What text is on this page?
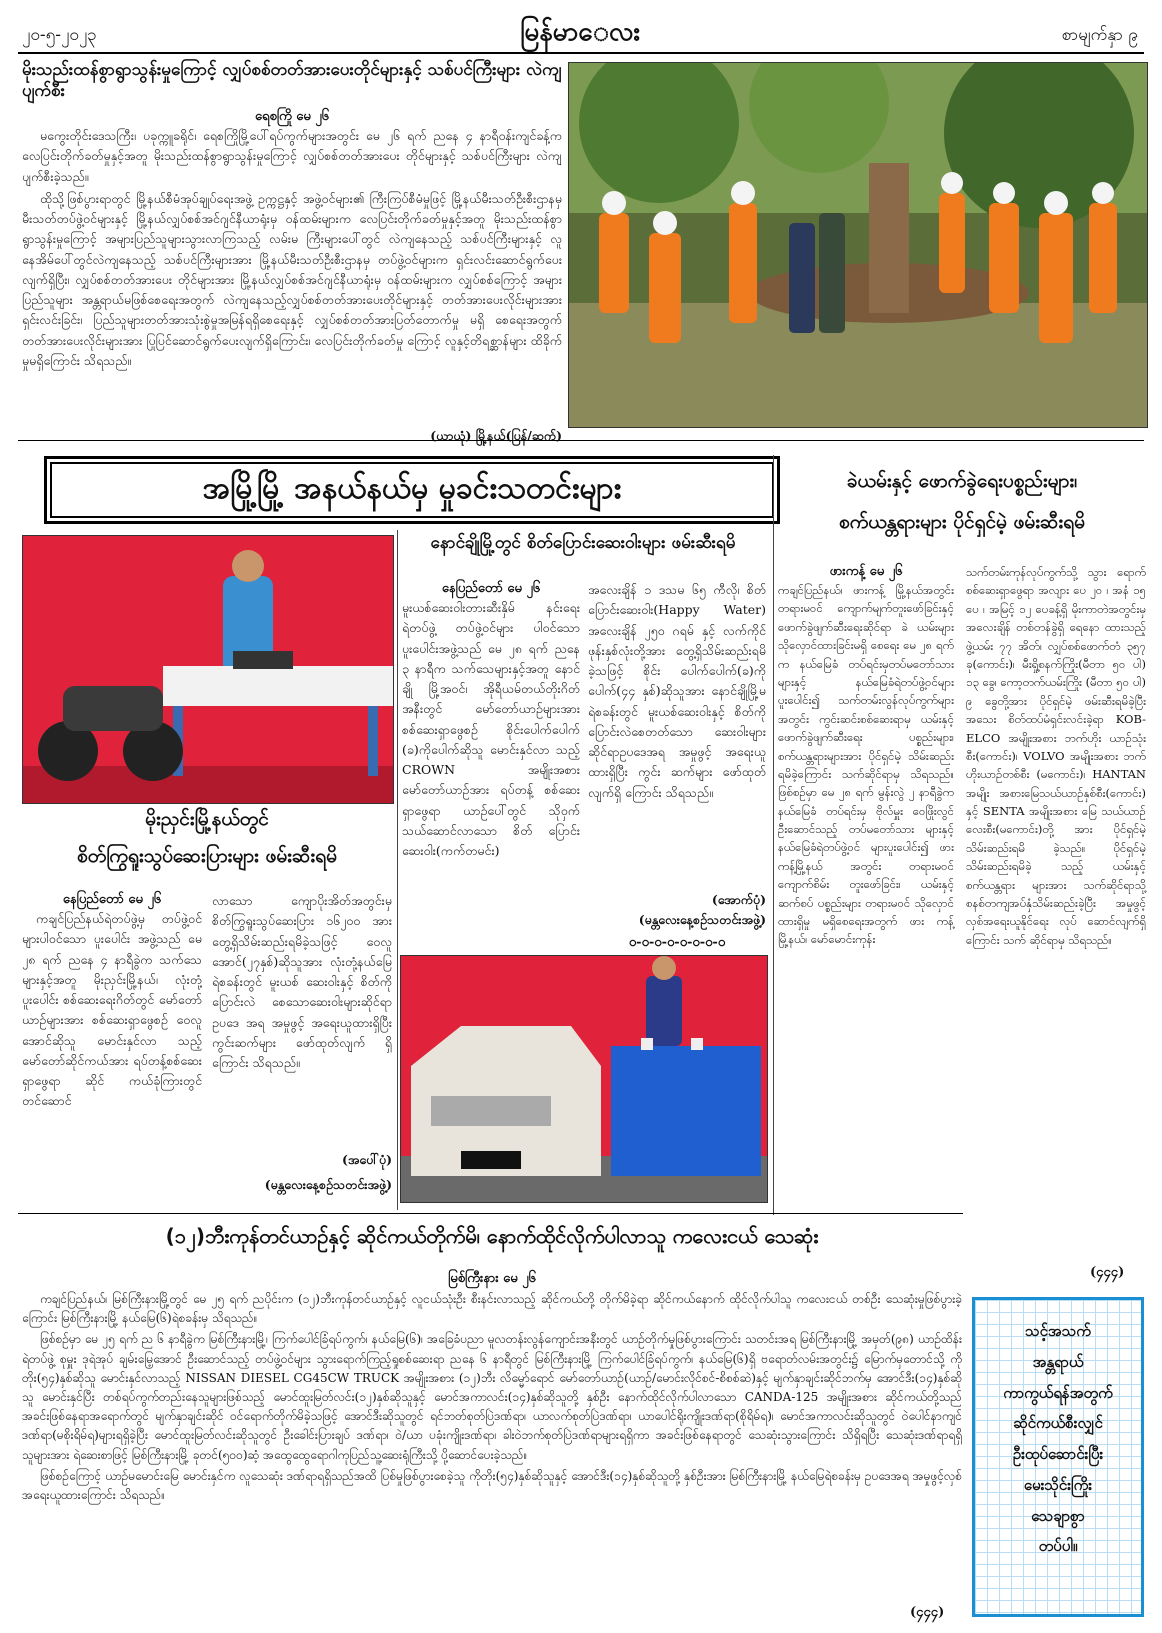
၂၀-၅-၂၀၂၃	မြန်မာ‌‌ေလး	စာမျက်နှာ ၉
မိုးသည်းထန်စွာရွာသွန်းမှုကြောင့် လျှပ်စစ်တတ်အားပေးတိုင်များနှင့် သစ်ပင်ကြီးများ လဲကျပျက်စီး
ရေစကြို မေ ၂၆

မကွေးတိုင်းဒေသကြီး၊ ပခုက္ကူခရိုင်၊ ရေစကြိုမြို့ပေါ်ရပ်ကွက်များအတွင်း မေ ၂၆ ရက် ညနေ ၄ နာရီဝန်းကျင်ခန့်က လေပြင်းတိုက်ခတ်မှုနှင့်အတူ မိုးသည်းထန်စွာရွာသွန်းမှုကြောင့် လျှပ်စစ်တတ်အားပေး တိုင်များနှင့် သစ်ပင်ကြီးများ လဲကျပျက်စီးခဲ့သည်။

ထိုသို့ဖြစ်ပွားရာတွင် မြို့နယ်စီမံအုပ်ချုပ်ရေးအဖွဲ့ ဥက္ကဋ္ဌနှင့် အဖွဲ့ဝင်များ၏ ကြီးကြပ်စီမံမှုဖြင့် မြို့နယ်မီးသတ်ဦးစီးဌာနမှ မီးသတ်တပ်ဖွဲ့ဝင်များနှင့် မြို့နယ်လျှပ်စစ်အင်ဂျင်နီယာရုံးမှ ဝန်ထမ်းများက လေပြင်းတိုက်ခတ်မှုနှင့်အတူ မိုးသည်းထန်စွာရွာသွန်းမှုကြောင့် အများပြည်သူများသွားလာကြသည့် လမ်းမ ကြီးများပေါ်တွင် လဲကျနေသည့် သစ်ပင်ကြီးများနှင့် လူနေအိမ်ပေါ်တွင်လဲကျနေသည့် သစ်ပင်ကြီးများအား မြို့နယ်မီးသတ်ဦးစီးဌာနမှ တပ်ဖွဲ့ဝင်များက ရှင်းလင်းဆောင်ရွက်ပေးလျက်ရှိပြီး၊ လျှပ်စစ်တတ်အားပေး တိုင်များအား မြို့နယ်လျှပ်စစ်အင်ဂျင်နီယာရုံးမှ ဝန်ထမ်းများက လျှပ်စစ်ကြောင့် အများပြည်သူများ အန္တရာယ်မဖြစ်စေရေးအတွက် လဲကျနေသည့်လျှပ်စစ်တတ်အားပေးတိုင်များနှင့် တတ်အားပေးလိုင်းများအား ရှင်းလင်းခြင်း၊ ပြည်သူများတတ်အားသုံးစွဲမှုအမြန်ရရှိစေရေးနှင့် လျှပ်စစ်တတ်အားပြတ်တောက်မှု မရှိ စေရေးအတွက် တတ်အားပေးလိုင်းများအား ပြုပြင်ဆောင်ရွက်ပေးလျက်ရှိကြောင်း၊ လေပြင်းတိုက်ခတ်မှု ကြောင့် လူနှင့်တိရစ္ဆာန်များ ထိခိုက်မှုမရှိကြောင်း သိရသည်။

(ယာယုံ) မြို့နယ်(ပြန်/ဆက်)
အမြို့မြို့ အနယ်နယ်မှ မှုခင်းသတင်းများ
မိုးညှင်းမြို့နယ်တွင်
စိတ်ကြွရူးသွပ်ဆေးပြားများ ဖမ်းဆီးရမိ
နေပြည်တော် မေ ၂၆
ကချင်ပြည်နယ်ရဲတပ်ဖွဲ့မှ တပ်ဖွဲ့ဝင်များပါဝင်သော ပူးပေါင်း အဖွဲ့သည် မေ ၂၈ ရက် ညနေ ၄ နာရီခွဲက သက်သေများနှင့်အတူ မိုးညှင်းမြို့နယ်၊ လုံးတုံ့ပူးပေါင်း စစ်ဆေးရေးဂိတ်တွင် မော်တော် ယာဉ်များအား စစ်ဆေးရှာဖွေစဉ် ဝေလူအောင်ဆိုသူ မောင်းနှင်လာ သည့် မော်တော်ဆိုင်ကယ်အား ရပ်တန့်စစ်ဆေးရှာဖွေရာ ဆိုင် ကယ်ခုံကြားတွင် တင်ဆောင်
လာသော ကျောပိုးအိတ်အတွင်းမှ စိတ်ကြွရူးသွပ်ဆေးပြား ၁၆၂၀၀ အား တွေ့ရှိသိမ်းဆည်းရမိခဲ့သဖြင့် ဝေလူအောင်(၂၇နှစ်)ဆိုသူအား လုံးတုံ့နယ်မြေရဲစခန်းတွင် မူးယစ် ဆေးဝါးနှင့် စိတ်ကိုပြောင်းလဲ စေသောဆေးဝါးများဆိုင်ရာဥပဒေ အရ အမှုဖွင့် အရေးယူထားရှိပြီး ကွင်းဆက်များ ဖော်ထုတ်လျက် ရှိကြောင်း သိရသည်။
(အပေါ်ပုံ)
(မန္တလေးနေ့စဉ်သတင်းအဖွဲ့)
နောင်ချိုမြို့တွင် စိတ်ပြောင်းဆေးဝါးများ ဖမ်းဆီးရမိ
နေပြည်တော် မေ ၂၆
မူးယစ်ဆေးဝါးတားဆီးနှိမ် နင်းရေးရဲတပ်ဖွဲ့ တပ်ဖွဲ့ဝင်များ ပါဝင်သော ပူးပေါင်းအဖွဲ့သည် မေ ၂၈ ရက် ညနေ ၃ နာရီက သက်သေများနှင့်အတူ နောင်ချို မြို့အဝင်၊ အိုရီယမ်တယ်တိုးဂိတ် အနီးတွင် မော်တော်ယာဉ်များအား စစ်ဆေးရှာဖွေစဉ် စိုင်းပေါက်ပေါက် (ခ)ကိုပေါက်ဆိုသူ မောင်းနှင်လာ သည့် CROWN အမျိုးအစား မော်တော်ယာဉ်အား ရပ်တန့် စစ်ဆေးရှာဖွေရာ ယာဉ်ပေါ်တွင် သိုဝှက်သယ်ဆောင်လာသော စိတ် ပြောင်းဆေးဝါး(ကက်တမင်း)
အလေးချိန် ၁ ဒသမ ၆၅ ကီလို၊ စိတ်ပြောင်းဆေးဝါး(Happy Water) အလေးချိန် ၂၅၀ ဂရမ် နှင့် လက်ကိုင်ဖုန်းနှစ်လုံးတို့အား တွေ့ရှိသိမ်းဆည်းရမိခဲ့သဖြင့် စိုင်း ပေါက်ပေါက်(ခ)ကိုပေါက်(၄၄ နှစ်)ဆိုသူအား နောင်ချိုမြို့မ ရဲစခန်းတွင် မူးယစ်ဆေးဝါးနှင့် စိတ်ကိုပြောင်းလဲစေတတ်သော ဆေးဝါးများဆိုင်ရာဥပဒေအရ အမှုဖွင့် အရေးယူထားရှိပြီး ကွင်း ဆက်များ ဖော်ထုတ်လျက်ရှိ ကြောင်း သိရသည်။
(အောက်ပုံ)
(မန္တလေးနေ့စဉ်သတင်းအဖွဲ့)
၀-၀-၀-၀-၀-၀-၀-၀
ခဲယမ်းနှင့် ဖောက်ခွဲရေးပစ္စည်းများ၊
စက်ယန္တရားများ ပိုင်ရှင်မဲ့ ဖမ်းဆီးရမိ
ဖားကန့် မေ ၂၆
ကချင်ပြည်နယ်၊ ဖားကန့် မြို့နယ်အတွင်း တရားမဝင် ကျောက်မျက်တူးဖော်ခြင်းနှင့် ဖောက်ခွဲဖျက်ဆီးရေးဆိုင်ရာ ခဲ ယမ်းများ သိုလှောင်ထားခြင်းမရှိ စေရေး မေ ၂၈ ရက်က နယ်မြေခံ တပ်ရင်းမှတပ်မတော်သားများနှင့် နယ်မြေခံရဲတပ်ဖွဲ့ဝင်များ ပူးပေါင်း၍ သက်တမ်းလွန်လုပ်ကွက်များ အတွင်း ကွင်းဆင်းစစ်ဆေးရာမှ ယမ်းနှင့် ဖောက်ခွဲဖျက်ဆီးရေး ပစ္စည်းများ၊ စက်ယန္တရားများအား ပိုင်ရှင်မဲ့ သိမ်းဆည်းရမိခဲ့ကြောင်း သက်ဆိုင်ရာမှ သိရသည်။ ဖြစ်စဉ်မှာ မေ ၂၈ ရက် မွန်းလွဲ ၂ နာရီခွဲက နယ်မြေခံ တပ်ရင်းမှ ဗိုလ်မှူး ဝေဖြိုးလွင် ဦးဆောင်သည့် တပ်မတော်သား များနှင့် နယ်မြေခံရဲတပ်ဖွဲ့ဝင် များပူးပေါင်း၍ ဖားကန့်မြို့နယ် အတွင်း တရားမဝင် ကျောက်စိမ်း တူးဖော်ခြင်း၊ ယမ်းနှင့် ဆက်စပ် ပစ္စည်းများ တရားမဝင် သိုလှောင် ထားရှိမှု မရှိစေရေးအတွက် ဖား ကန့်မြို့နယ်၊ မော်မောင်းကုန်း
သက်တမ်းကုန်လုပ်ကွက်သို့ သွား ရောက်စစ်ဆေးရှာဖွေရာ အလျား ပေ ၂၀ ၊ အနံ ၁၅ ပေ ၊ အမြင့် ၁၂ ပေခန့်ရှိ မိုးကာတဲအတွင်းမှ အလေးချိန် တစ်တန်ခွဲရှိ ရေနော ထားသည့် ဖွဲ့ယမ်း ၇၇ အိတ်၊ လျှပ်စစ်ဖောက်တံ ၃၅၇ ခု(ကောင်း)၊ မီးရှို့စနက်ကြိုး(မီတာ ၅၀ ပါ) ၁၃ ခွေ၊ ကော့တက်ယမ်းကြိုး (မီတာ ၅၀ ပါ) ၉ ခွေတို့အား ပိုင်ရှင်မဲ့ ဖမ်းဆီးရမိခဲ့ပြီး အသေး စိတ်ထပ်မံရှင်းလင်းခဲ့ရာ KOB-ELCO အမျိုးအစား ဘက်ဟိုး ယာဉ်သုံးစီး(ကောင်း)၊ VOLVO အမျိုးအစား ဘက်ဟိုးယာဉ်တစ်စီး (မကောင်း)၊ HANTAN အမျိုး အစားမြေသယ်ယာဉ်နှစ်စီး(ကောင်း) နှင့် SENTA အမျိုးအစား မြေ သယ်ယာဉ်လေးစီး(မကောင်း)တို့ အား ပိုင်ရှင်မဲ့ သိမ်းဆည်းရမိ ခဲ့သည်။ ပိုင်ရှင်မဲ့ သိမ်းဆည်းရမိခဲ့ သည့် ယမ်းနှင့် စက်ယန္တရား များအား သက်ဆိုင်ရာသို့ စနစ်တကျအပ်နှံသိမ်းဆည်းခဲ့ပြီး အမှုဖွင့်လှစ်အရေးယူနိုင်ရေး လုပ် ဆောင်လျက်ရှိကြောင်း သက် ဆိုင်ရာမှ သိရသည်။
(၄၄၄)
(၁၂)ဘီးကုန်တင်ယာဉ်နှင့် ဆိုင်ကယ်တိုက်မိ၊ နောက်ထိုင်လိုက်ပါလာသူ ကလေးငယ် သေဆုံး
မြစ်ကြီးနား မေ ၂၆

ကချင်ပြည်နယ်၊ မြစ်ကြီးနားမြို့တွင် မေ ၂၅ ရက် ညပိုင်းက (၁၂)ဘီးကုန်တင်ယာဉ်နှင့် လူငယ်သုံးဦး စီးနင်းလာသည့် ဆိုင်ကယ်တို့ တိုက်မိခဲ့ရာ ဆိုင်ကယ်နောက် ထိုင်လိုက်ပါသူ ကလေးငယ် တစ်ဦး သေဆုံးမှုဖြစ်ပွားခဲ့ကြောင်း မြစ်ကြီးနားမြို့ နယ်မြေ(၆)ရဲစခန်းမှ သိရသည်။

ဖြစ်စဉ်မှာ မေ ၂၅ ရက် ည ၆ နာရီခွဲက မြစ်ကြီးနားမြို့၊ ကြက်ပေါင်ခြံရပ်ကွက်၊ နယ်မြေ(၆)၊ အခြေခံပညာ မူလတန်းလွန်ကျောင်းအနီးတွင် ယာဉ်တိုက်မှုဖြစ်ပွားကြောင်း သတင်းအရ မြစ်ကြီးနားမြို့ အမှတ်(၉၈) ယာဉ်ထိန်းရဲတပ်ဖွဲ့ စုမှူး ဒုရဲအုပ် ချမ်းမြေ့အောင် ဦးဆောင်သည့် တပ်ဖွဲ့ဝင်များ သွားရောက်ကြည့်ရှုစစ်ဆေးရာ ညနေ ၆ နာရီတွင် မြစ်ကြီးနားမြို့ ကြက်ပေါင်ခြံရပ်ကွက်၊ နယ်မြေ(၆)ရှိ ဗရောတ်လမ်းအတွင်း၌ မြောက်မှတောင်သို့ ကိုတိုး(၅၄)နှစ်ဆိုသူ မောင်းနှင်လာသည့် NISSAN DIESEL CG45CW TRUCK အမျိုးအစား (၁၂)ဘီး လိမ္မော်ရောင် မော်တော်ယာဉ်(ယာဉ်/မောင်းလိုင်စင်-စိစစ်ဆဲ)နှင့် မျက်နှာချင်းဆိုင်ဘက်မှ အောင်ဒီး(၁၄)နှစ်ဆိုသူ မောင်းနှင်ပြီး တစ်ရပ်ကွက်တည်းနေသူများဖြစ်သည့် မောင်ထူးမြတ်လင်း(၁၂)နှစ်ဆိုသူနှင့် မောင်အကာလင်း(၁၄)နှစ်ဆိုသူတို့ နှစ်ဦး နောက်ထိုင်လိုက်ပါလာသော CANDA-125 အမျိုးအစား ဆိုင်ကယ်တို့သည် အခင်းဖြစ်နေရာအရောက်တွင် မျက်နှာချင်းဆိုင် ဝင်ရောက်တိုက်မိခဲ့သဖြင့် အောင်ဒီးဆိုသူတွင် ရင်ဘတ်စုတ်ပြဲဒဏ်ရာ၊ ယာလက်စုတ်ပြဲဒဏ်ရာ၊ ယာပေါင်ရိုးကျိုးဒဏ်ရာ(စိုရိမ်ရ)၊ မောင်အကာလင်းဆိုသူတွင် ဝဲပေါင်နာကျင်ဒဏ်ရာ(မစိုးရိမ်ရ)များရရှိခဲ့ပြီး မောင်ထူးမြတ်လင်းဆိုသူတွင် ဦးခေါင်းပြားချပ် ဒဏ်ရာ၊ ဝဲ/ယာ ပခုံးကျိုးဒဏ်ရာ၊ ခါးဝဲဘက်စုတ်ပြဲဒဏ်ရာများရရှိကာ အခင်းဖြစ်နေရာတွင် သေဆုံးသွားကြောင်း သိရှိရပြီး သေဆုံးဒဏ်ရာရရှိသူများအား ရဲဆေးစာဖြင့် မြစ်ကြီးနားမြို့ ခုတင်(၅၀၀)ဆံ့ အထွေထွေရောဂါကုပြည်သူ့ဆေးရုံကြီးသို့ ပို့ဆောင်ပေးခဲ့သည်။

ဖြစ်စဉ်ကြောင့် ယာဉ်မမောင်းမြေ မောင်းနှင်က လူသေဆုံး ဒဏ်ရာရရှိသည်အထိ ပြစ်မှုဖြစ်ပွားစေခဲ့သူ ကိုတိုး(၅၄)နှစ်ဆိုသူနှင့် အောင်ဒီး(၁၄)နှစ်ဆိုသူတို့ နှစ်ဦးအား မြစ်ကြီးနားမြို့ နယ်မြေရဲစခန်းမှ ဥပဒေအရ အမှုဖွင့်လှစ်အရေးယူထားကြောင်း သိရသည်။

(၄၄၄)
သင့်အသက်
အန္တရာယ်
ကာကွယ်ရန်အတွက်
ဆိုင်ကယ်စီးလျှင်
ဦးထုပ်ဆောင်းပြီး
မေးသိုင်းကြိုး
သေချာစွာ
တပ်ပါ။
